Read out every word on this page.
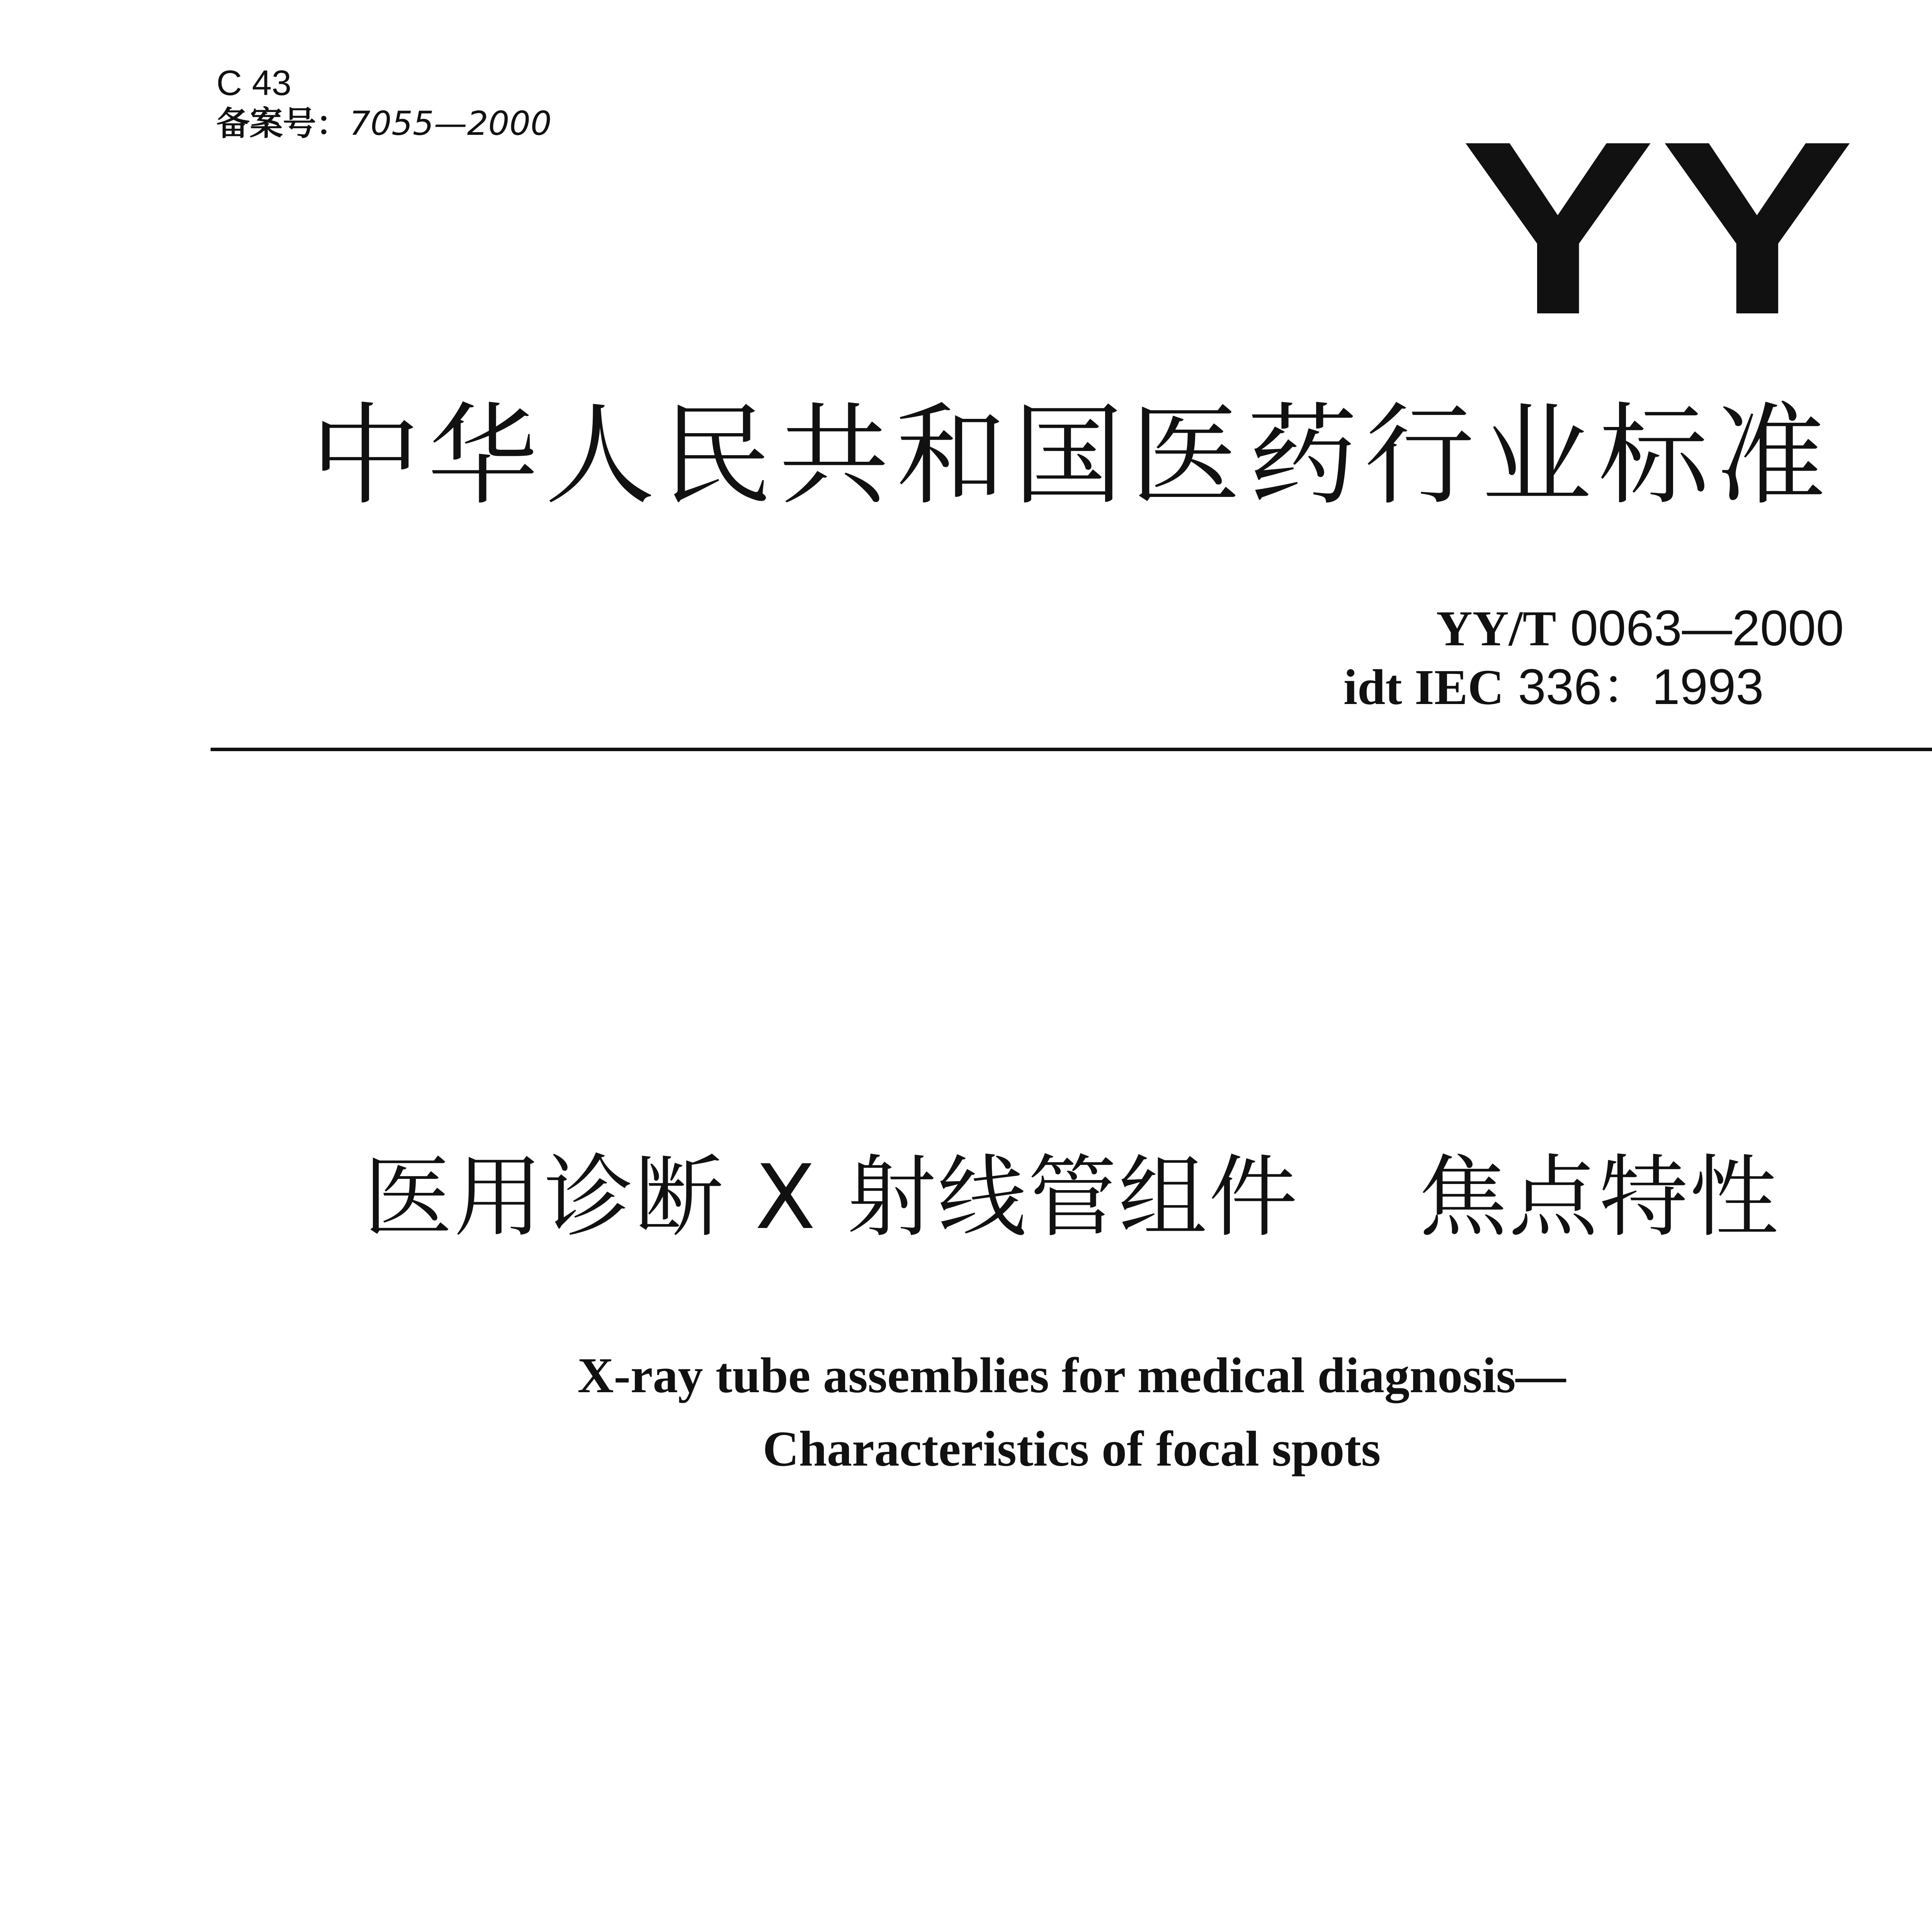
C 43
备案号：7055—2000	YY
中华人民共和国医药行业标准
YY/T 0063—2000
idt IEC 336：1993
医用诊断 X 射线管组件    焦点特性
X-ray tube assemblies for medical diagnosis—
Characteristics of focal spots
